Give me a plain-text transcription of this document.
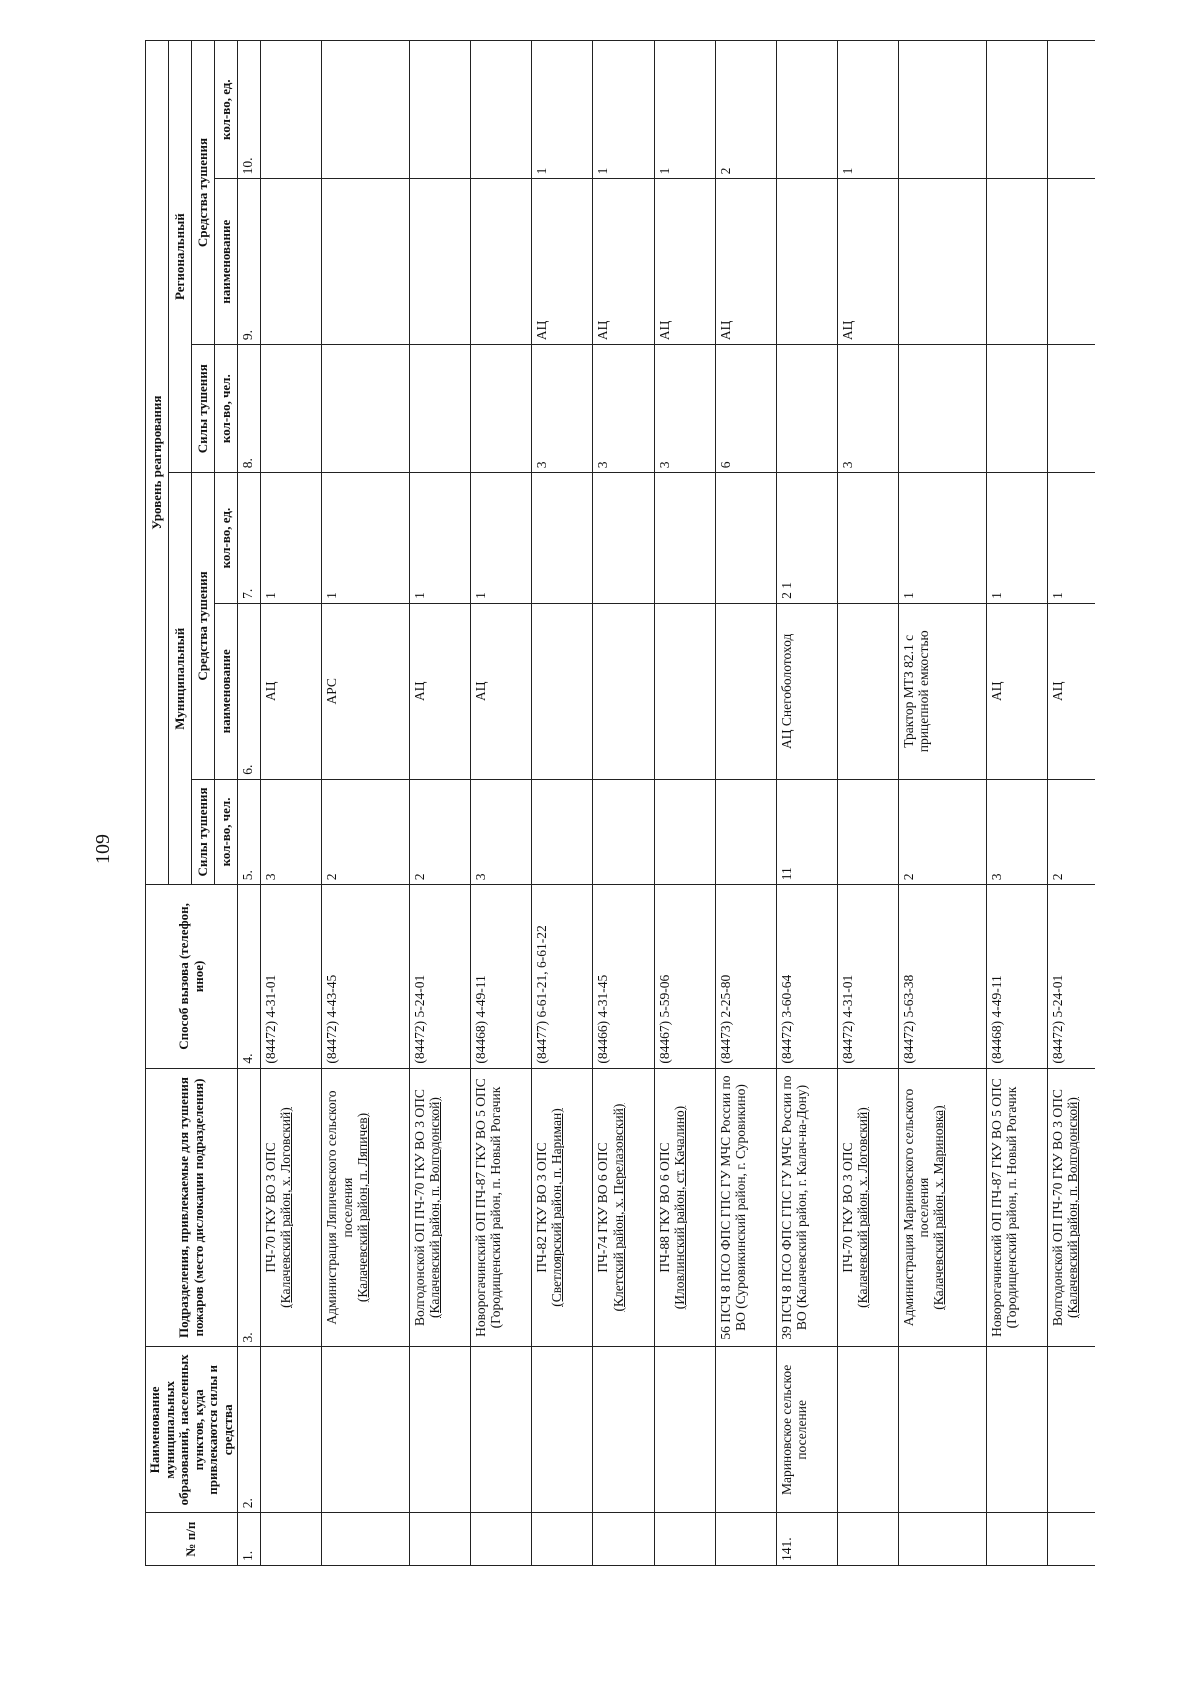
109
№ п/п	Наименование муниципальных образований, населенных пунктов, куда привлекаются силы и средства	Подразделения, привлекаемые для тушения пожаров (место дислокации подразделения)	Способ вызова (телефон, иное)	Уровень реагирования					
				Муниципальный			Региональный		
				Силы тушения	Средства тушения		Силы тушения	Средства тушения	
				кол-во, чел.	наименование	кол-во, ед.	кол-во, чел.	наименование	кол-во, ед.
1.	2.	3.	4.	5.	6.	7.	8.	9.	10.

		ПЧ-70 ГКУ ВО 3 ОПС (Калачевский район, х. Логовский)	(84472) 4-31-01	3	АЦ	1			

		Администрация Ляпичевского сельского поселения (Калачевский район, п. Ляпичев)	(84472) 4-43-45	2	АРС	1			

		Волгодонской ОП ПЧ-70 ГКУ ВО 3 ОПС (Калачевский район, п. Волгодонской)	(84472) 5-24-01	2	АЦ	1			

		Новорогачинский ОП ПЧ-87 ГКУ ВО 5 ОПС (Городищенский район, п. Новый Рогачик	(84468) 4-49-11	3	АЦ	1			

		ПЧ-82 ГКУ ВО 3 ОПС (Светлоярский район, п. Нариман)	(84477) 6-61-21, 6-61-22				3	АЦ	1

		ПЧ-74 ГКУ ВО 6 ОПС (Клетский район, х. Перелазовский)	(84466) 4-31-45				3	АЦ	1

		ПЧ-88 ГКУ ВО 6 ОПС (Иловлинский район, ст. Качалино)	(84467) 5-59-06				3	АЦ	1

		56 ПСЧ 8 ПСО ФПС ГПС ГУ МЧС России по ВО (Суровикинский район, г. Суровикино)	(84473) 2-25-80				6	АЦ	2
141.	Мариновское сельское поселение	39 ПСЧ 8 ПСО ФПС ГПС ГУ МЧС России по ВО (Калачевский район, г. Калач-на-Дону)	(84472) 3-60-64	11	АЦ Снегоболотоход	2 1			

		ПЧ-70 ГКУ ВО 3 ОПС (Калачевский район, х. Логовский)	(84472) 4-31-01				3	АЦ	1

		Администрация Мариновского сельского поселения (Калачевский район, х. Мариновка)	(84472) 5-63-38	2	Трактор МТЗ 82.1 с прицепной емкостью	1			

		Новорогачинский ОП ПЧ-87 ГКУ ВО 5 ОПС (Городищенский район, п. Новый Рогачик	(84468) 4-49-11	3	АЦ	1			

		Волгодонской ОП ПЧ-70 ГКУ ВО 3 ОПС (Калачевский район, п. Волгодонской)	(84472) 5-24-01	2	АЦ	1			
